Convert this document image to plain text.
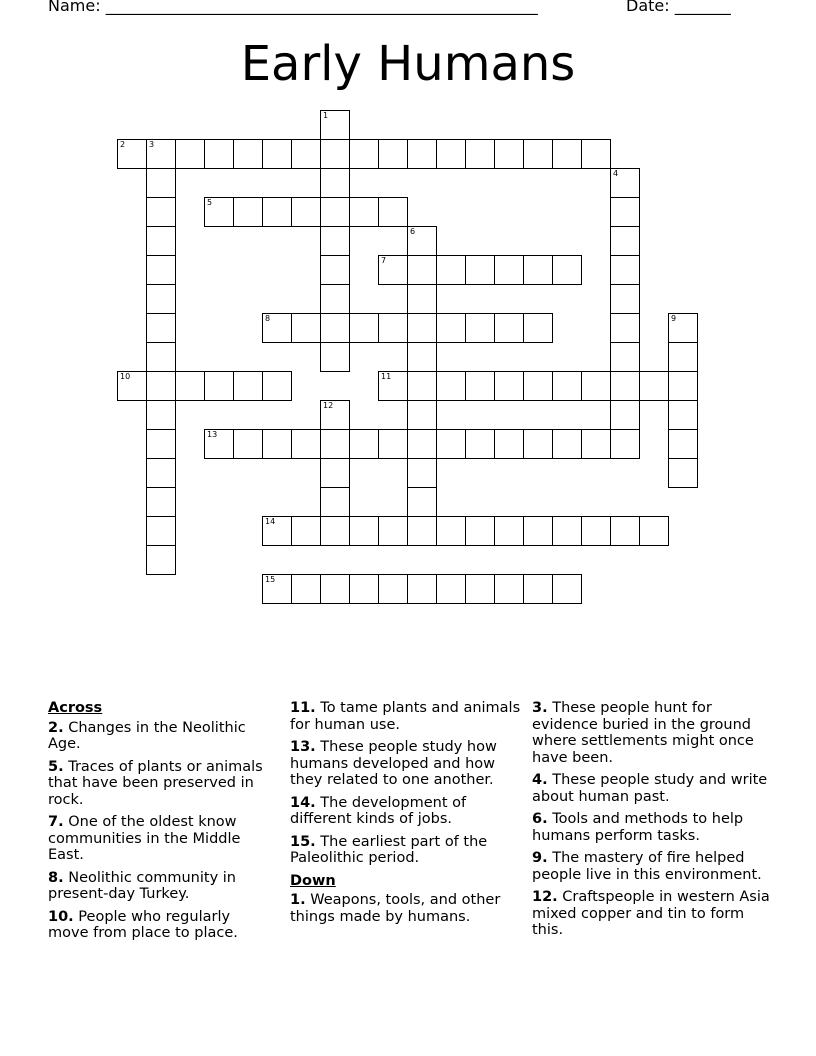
Name: ______________________________________________________	Date: _______
Early Humans
1
2	3
4
5
6
7
8	9
10	11
12
13
14
15
Across
2. Changes in the Neolithic Age.
5. Traces of plants or animals that have been preserved in rock.
7. One of the oldest know communities in the Middle East.
8. Neolithic community in present-day Turkey.
10. People who regularly move from place to place.
11. To tame plants and animals for human use.
13. These people study how humans developed and how they related to one another.
14. The development of different kinds of jobs.
15. The earliest part of the Paleolithic period.
Down
1. Weapons, tools, and other things made by humans.
3. These people hunt for evidence buried in the ground where settlements might once have been.
4. These people study and write about human past.
6. Tools and methods to help humans perform tasks.
9. The mastery of fire helped people live in this environment.
12. Craftspeople in western Asia mixed copper and tin to form this.
